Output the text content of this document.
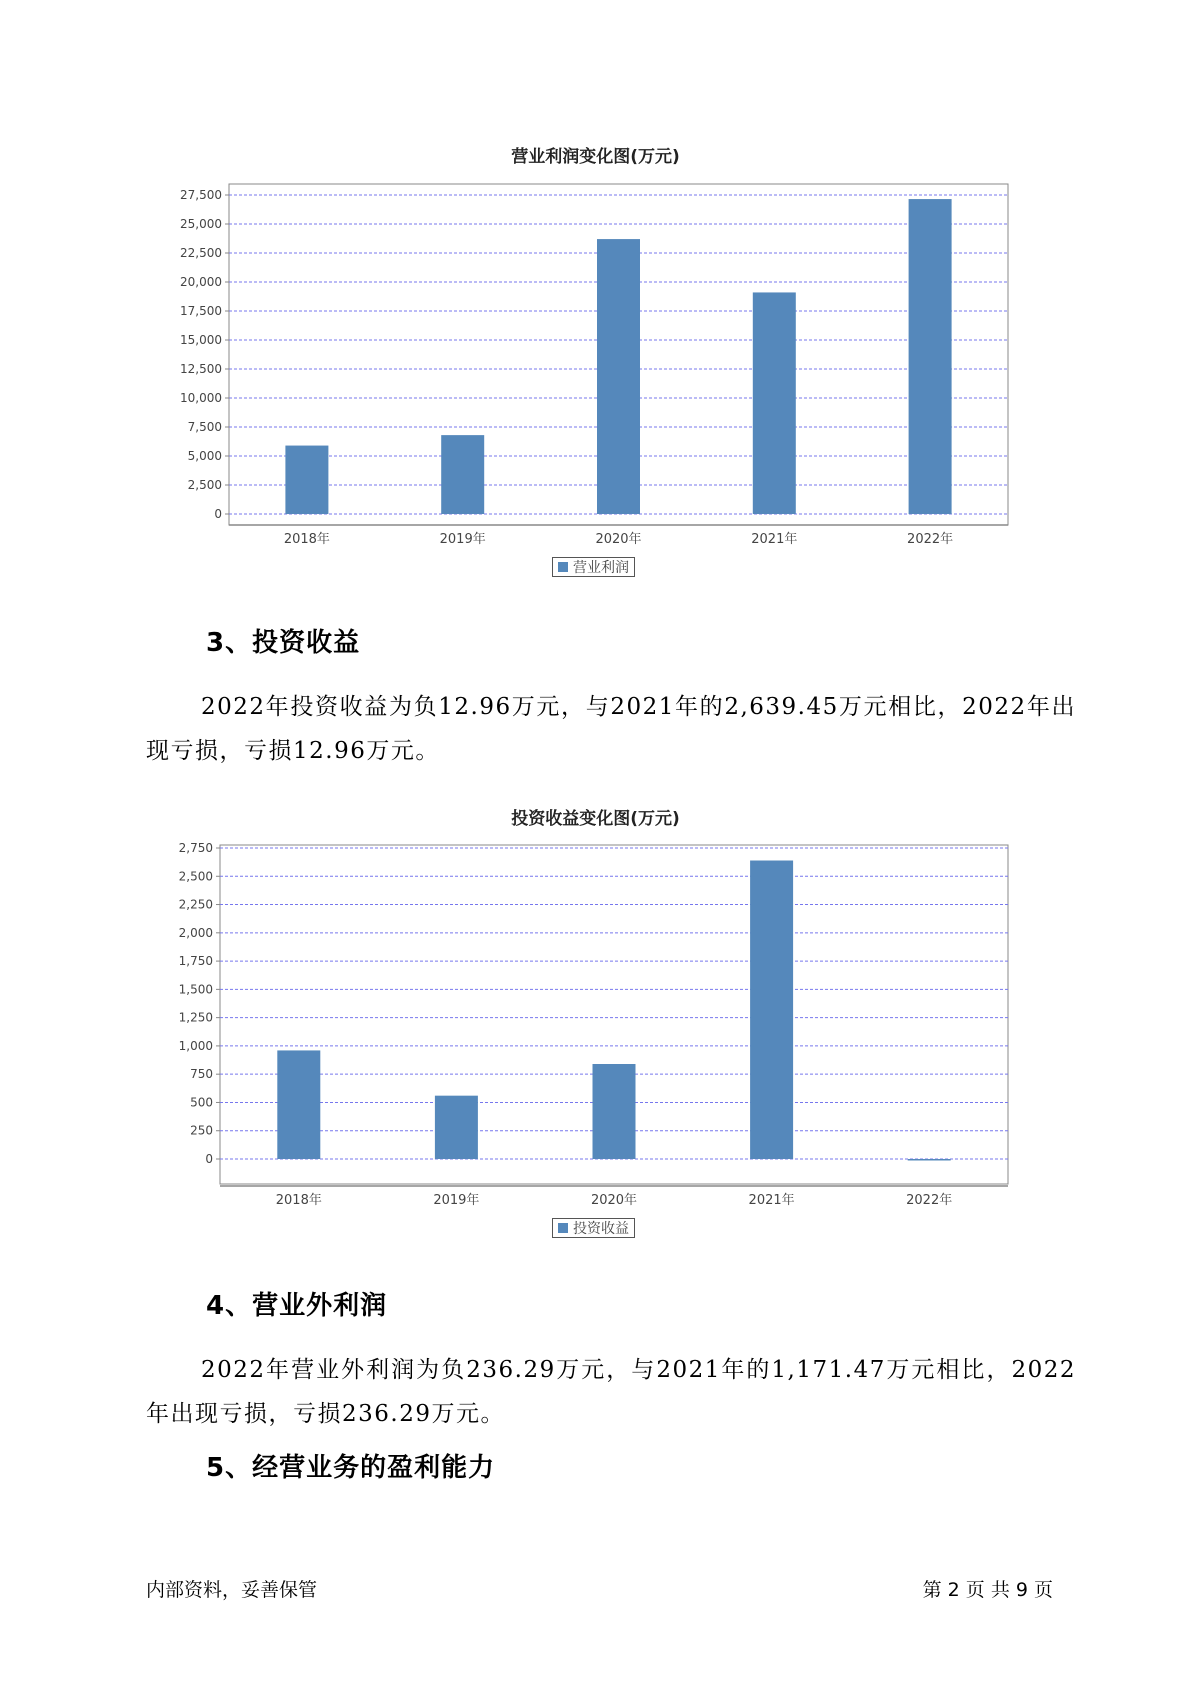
营业利润变化图(万元)
0
2,500
5,000
7,500
10,000
12,500
15,000
17,500
20,000
22,500
25,000
27,500
2018年	2019年	2020年	2021年	2022年
营业利润
3、投资收益
2022年投资收益为负12.96万元，与2021年的2,639.45万元相比，2022年出现亏损，亏损12.96万元。
投资收益变化图(万元)
0
250
500
750
1,000
1,250
1,500
1,750
2,000
2,250
2,500
2,750
2018年	2019年	2020年	2021年	2022年
投资收益
4、营业外利润
2022年营业外利润为负236.29万元，与2021年的1,171.47万元相比，2022年出现亏损，亏损236.29万元。
5、经营业务的盈利能力
内部资料，妥善保管	第 2 页 共 9 页
